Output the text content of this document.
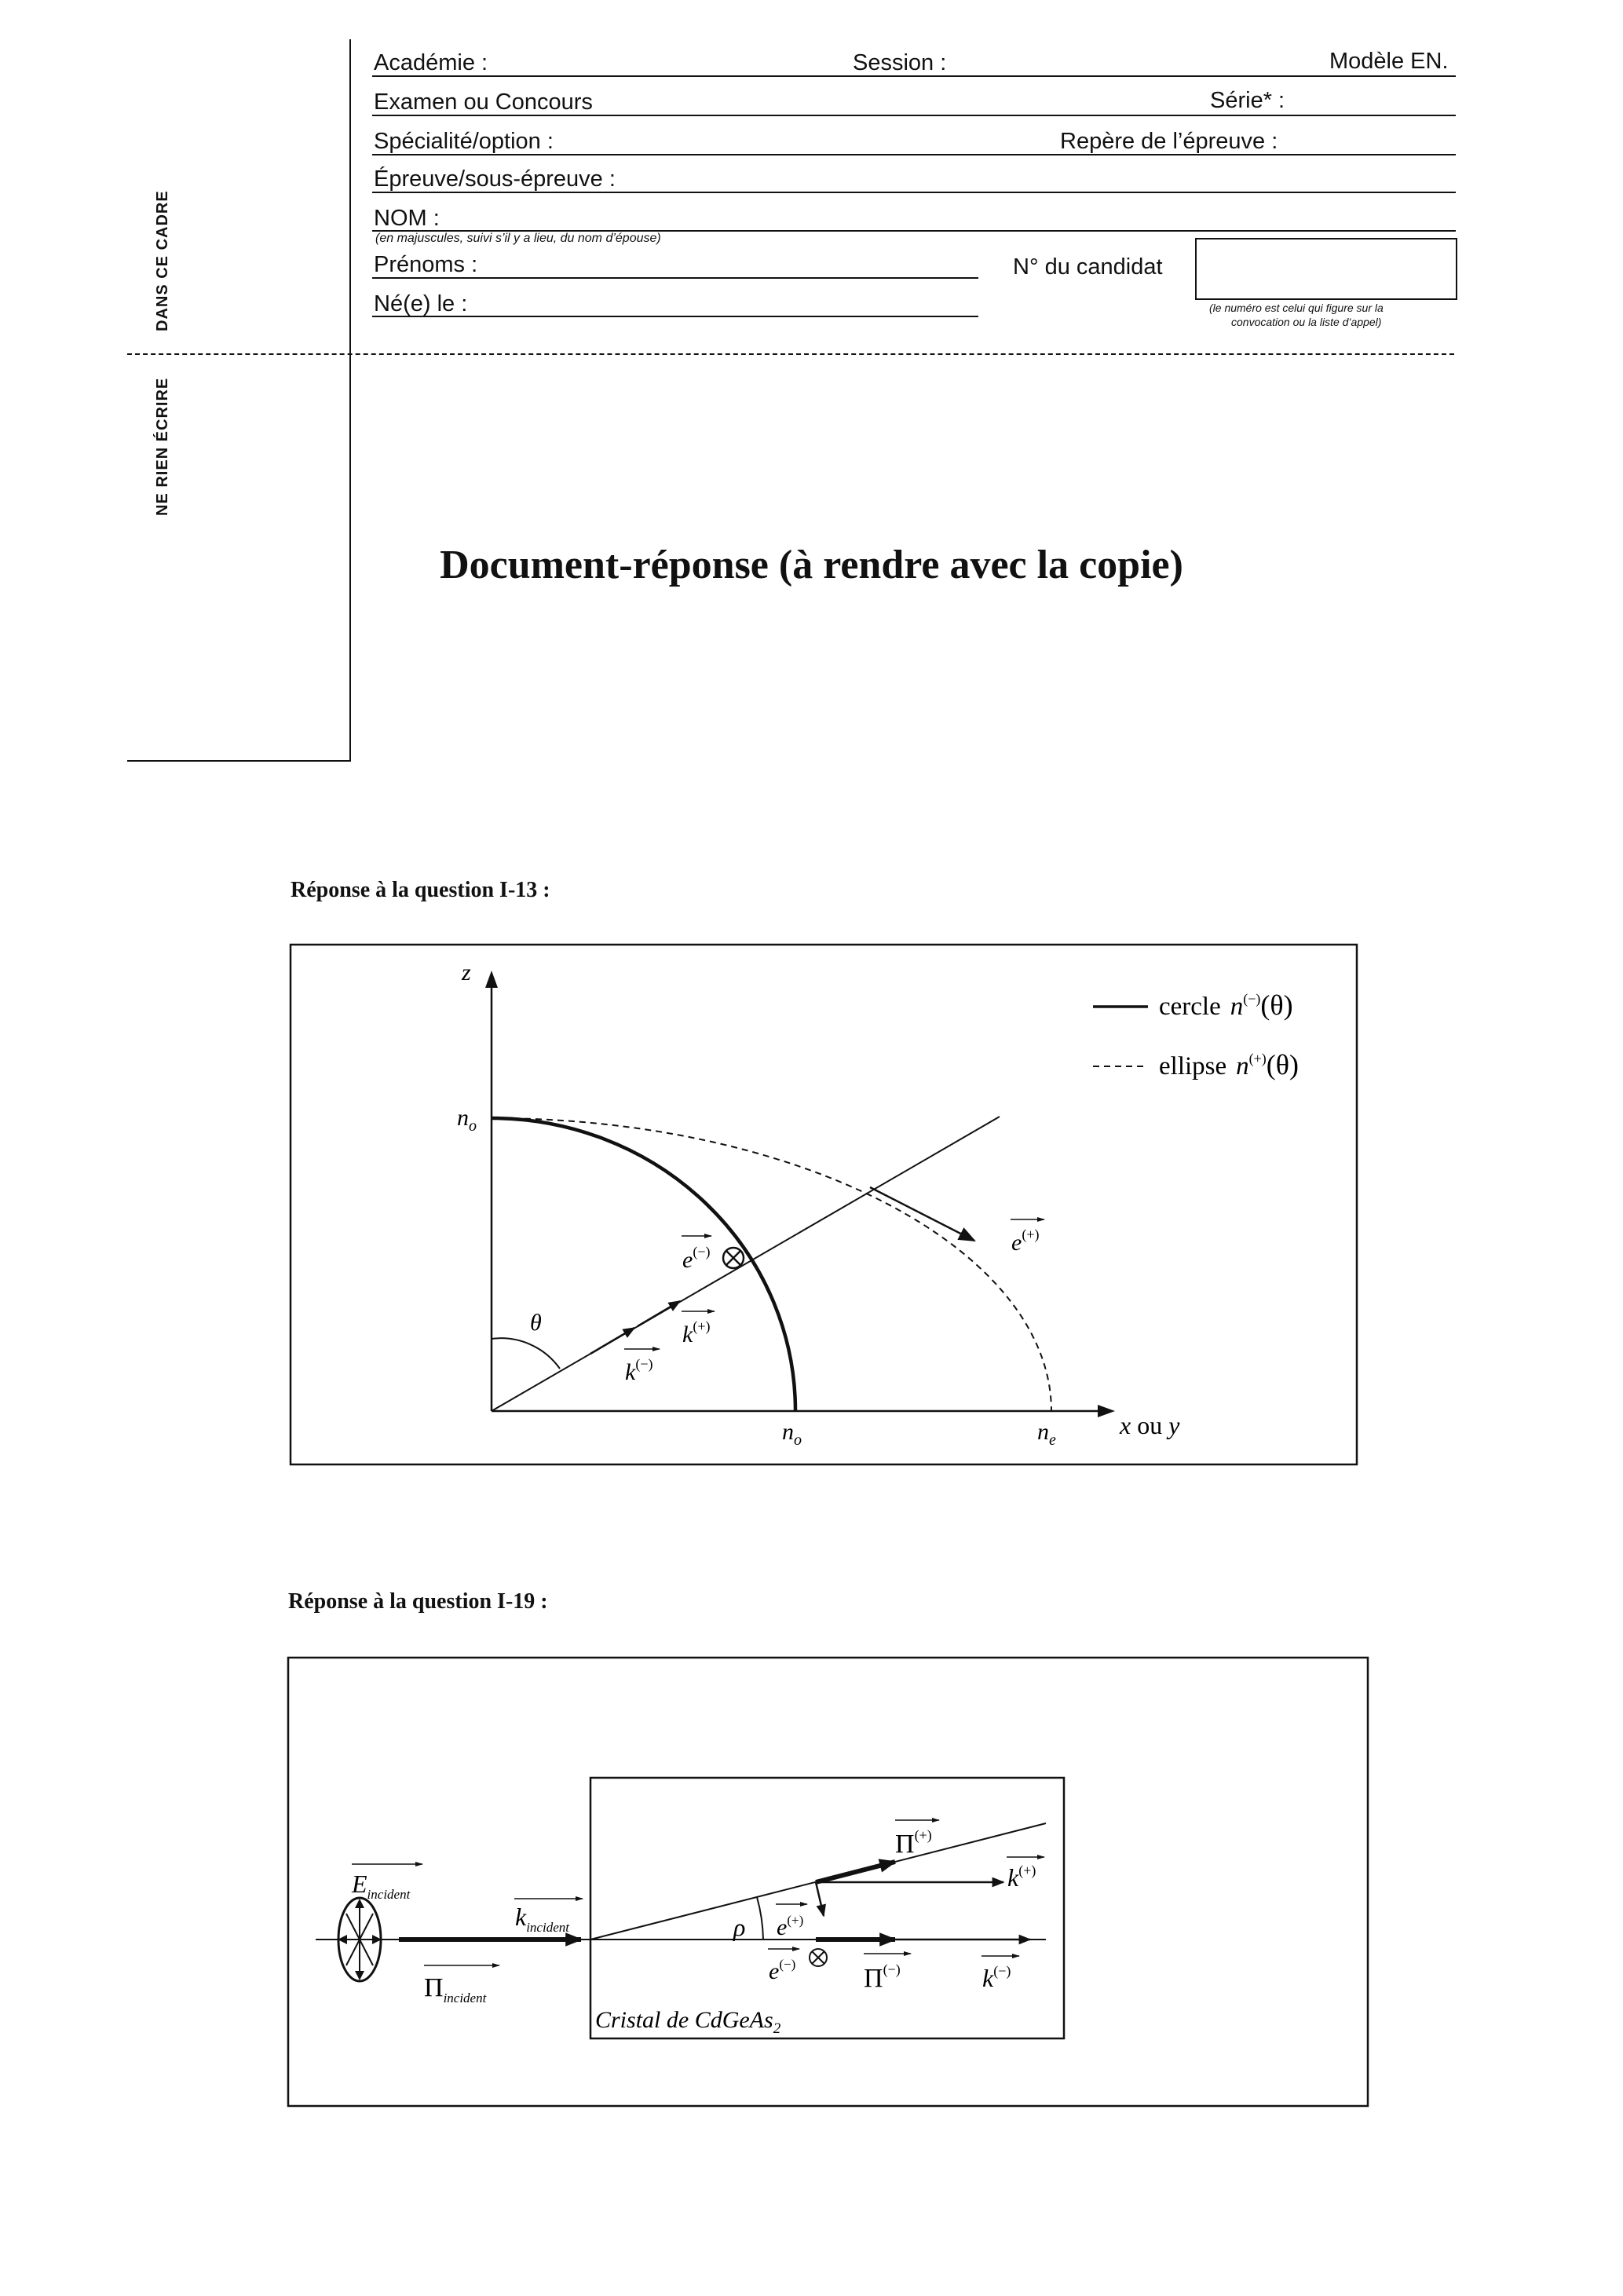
DANS CE CADRE
NE RIEN ÉCRIRE
Académie :	Session :	Modèle EN.
Examen ou Concours	Série* :
Spécialité/option :	Repère de l’épreuve :
Épreuve/sous-épreuve :
NOM :
(en majuscules, suivi s’il y a lieu, du nom d’épouse)
Prénoms :	N° du candidat
(le numéro est celui qui figure sur la
convocation ou la liste d’appel)
Né(e) le :
Document-réponse (à rendre avec la copie)
Réponse à la question I-13 :
z
$n_o$
$n_o$	$n_e$
x ou y
θ
e(−)
k(+)
k(−)
e(+)
cercle n(−)(θ)
ellipse n(+)(θ)
$E_{incident}$
$k_{incident}$
$\Pi_{incident}$
Π(+)
k(+)
ρ e(+)
e(−)	Π(−)	k(−)
Cristal de CdGeAs$_2$
Réponse à la question I-19 :
